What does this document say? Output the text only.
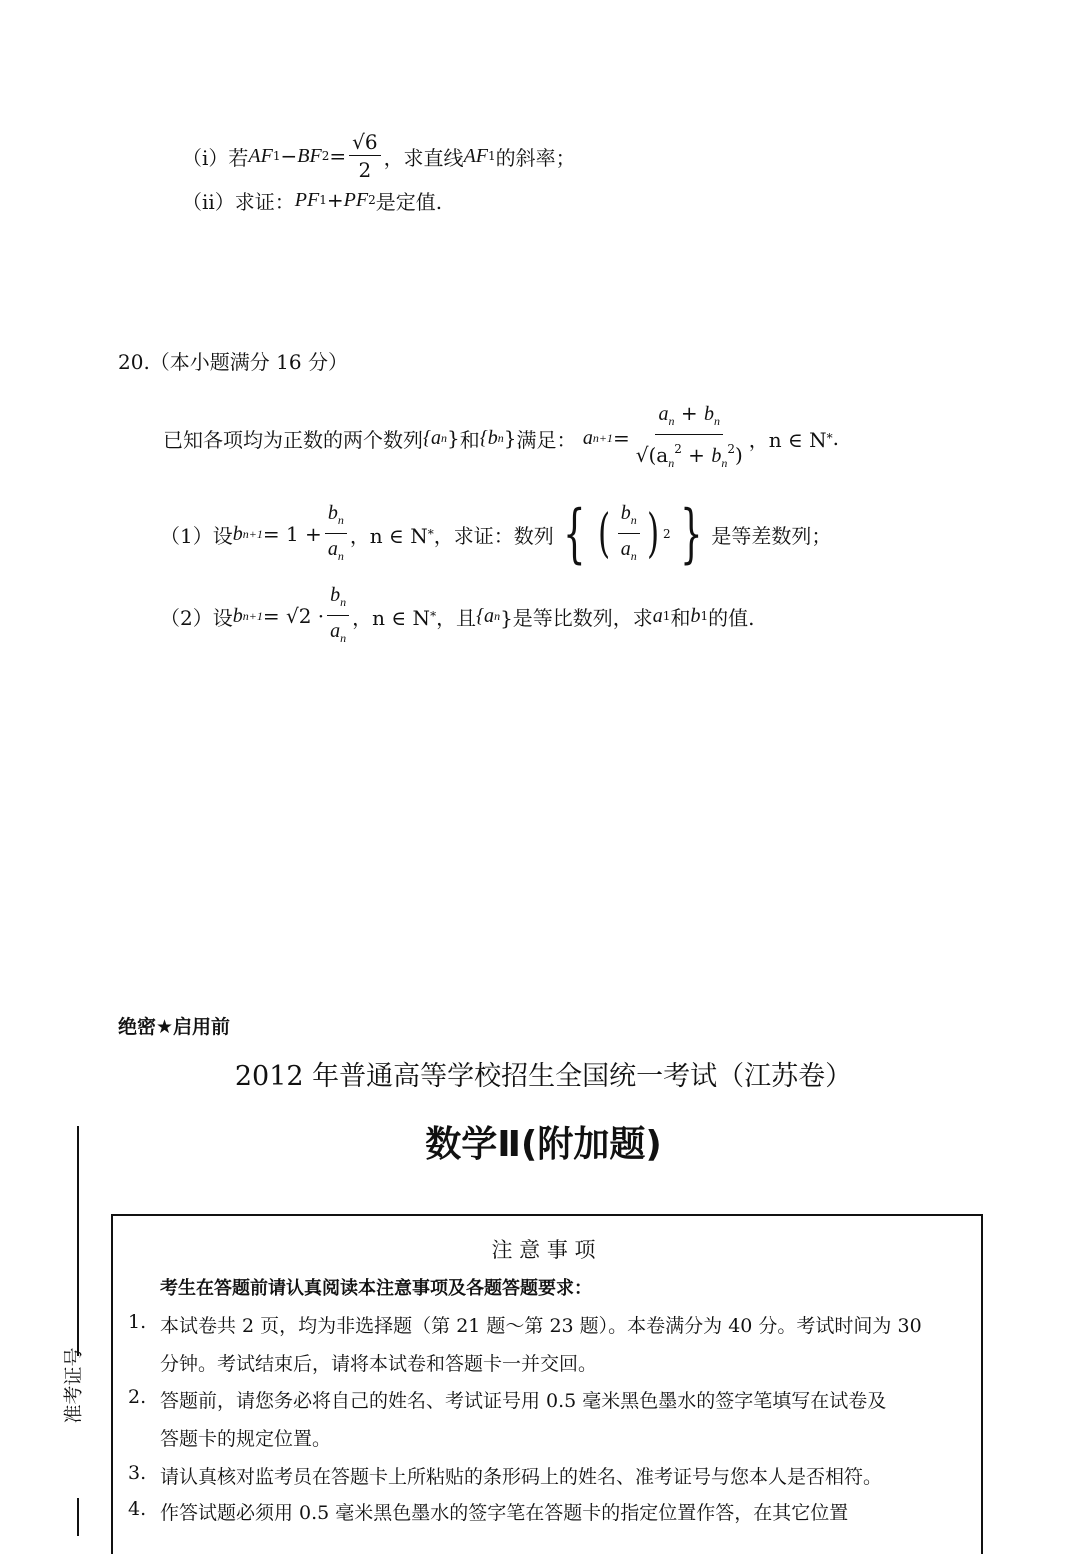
（i）若 AF 1 − BF $2 = \frac{√6}{2}$ ，求直线 AF 1 的斜率；
（ii）求证： PF 1 + PF 2 是定值.
20.（本小题满分 16 分）
已知各项均为正数的两个数列 {a n } 和 {b n } 满足：
a $n+1 = \frac{a_n + b_n}{√(a_n^2 + b_n^2)}$ ，n ∈ N * .
（1）设 b $n+1 = 1 + \frac{b_n}{a_n}$ ，n ∈ N * ，求证：数列 { ( $\frac{b_n}{a_n}$ ) 2 } 是等差数列；
（2）设 b $n+1 = √2 \cdot \frac{b_n}{a_n}$ ，n ∈ N * ，且 {a n }是等比数列，求 a 1 和 b 1 的值.
绝密★启用前
2012 年普通高等学校招生全国统一考试（江苏卷）
数学Ⅱ(附加题)
准考证号
注 意 事 项
考生在答题前请认真阅读本注意事项及各题答题要求：
1. 本试卷共 2 页，均为非选择题（第 21 题～第 23 题）。本卷满分为 40 分。考试时间为 30
分钟。考试结束后，请将本试卷和答题卡一并交回。
2. 答题前，请您务必将自己的姓名、考试证号用 0.5 毫米黑色墨水的签字笔填写在试卷及
答题卡的规定位置。
3. 请认真核对监考员在答题卡上所粘贴的条形码上的姓名、准考证号与您本人是否相符。
4. 作答试题必须用 0.5 毫米黑色墨水的签字笔在答题卡的指定位置作答，在其它位置
